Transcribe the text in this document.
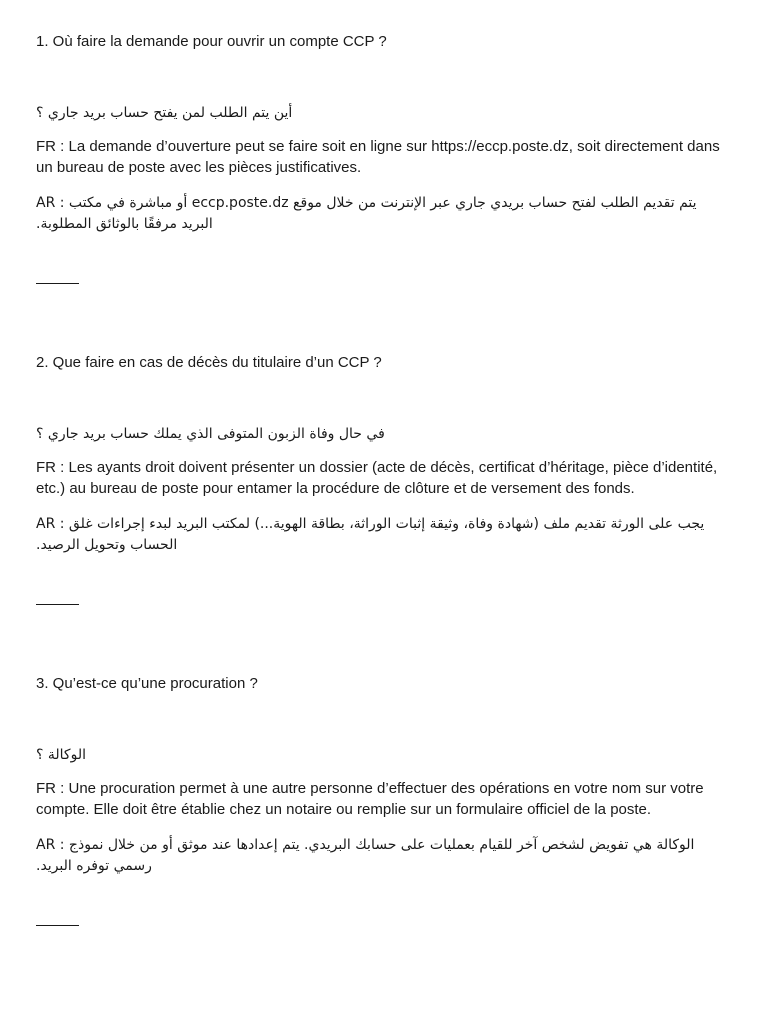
1. Où faire la demande pour ouvrir un compte CCP ?

أين يتم الطلب لمن يفتح حساب بريد جاري ؟

FR : La demande d’ouverture peut se faire soit en ligne sur https://eccp.poste.dz, soit directement dans un bureau de poste avec les pièces justificatives.

AR : أو مباشرة في مكتب eccp.poste.dz يتم تقديم الطلب لفتح حساب بريدي جاري عبر الإنترنت من خلال موقع
البريد مرفقًا بالوثائق المطلوبة.

2. Que faire en cas de décès du titulaire d’un CCP ?

في حال وفاة الزبون المتوفى الذي يملك حساب بريد جاري ؟

FR : Les ayants droit doivent présenter un dossier (acte de décès, certificat d’héritage, pièce d’identité, etc.) au bureau de poste pour entamer la procédure de clôture et de versement des fonds.

AR : يجب على الورثة تقديم ملف (شهادة وفاة، وثيقة إثبات الوراثة، بطاقة الهوية...) لمكتب البريد لبدء إجراءات غلق
الحساب وتحويل الرصيد.

3. Qu’est-ce qu’une procuration ?

الوكالة ؟

FR : Une procuration permet à une autre personne d’effectuer des opérations en votre nom sur votre compte. Elle doit être établie chez un notaire ou remplie sur un formulaire officiel de la poste.

AR : الوكالة هي تفويض لشخص آخر للقيام بعمليات على حسابك البريدي. يتم إعدادها عند موثق أو من خلال نموذج
رسمي توفره البريد.
